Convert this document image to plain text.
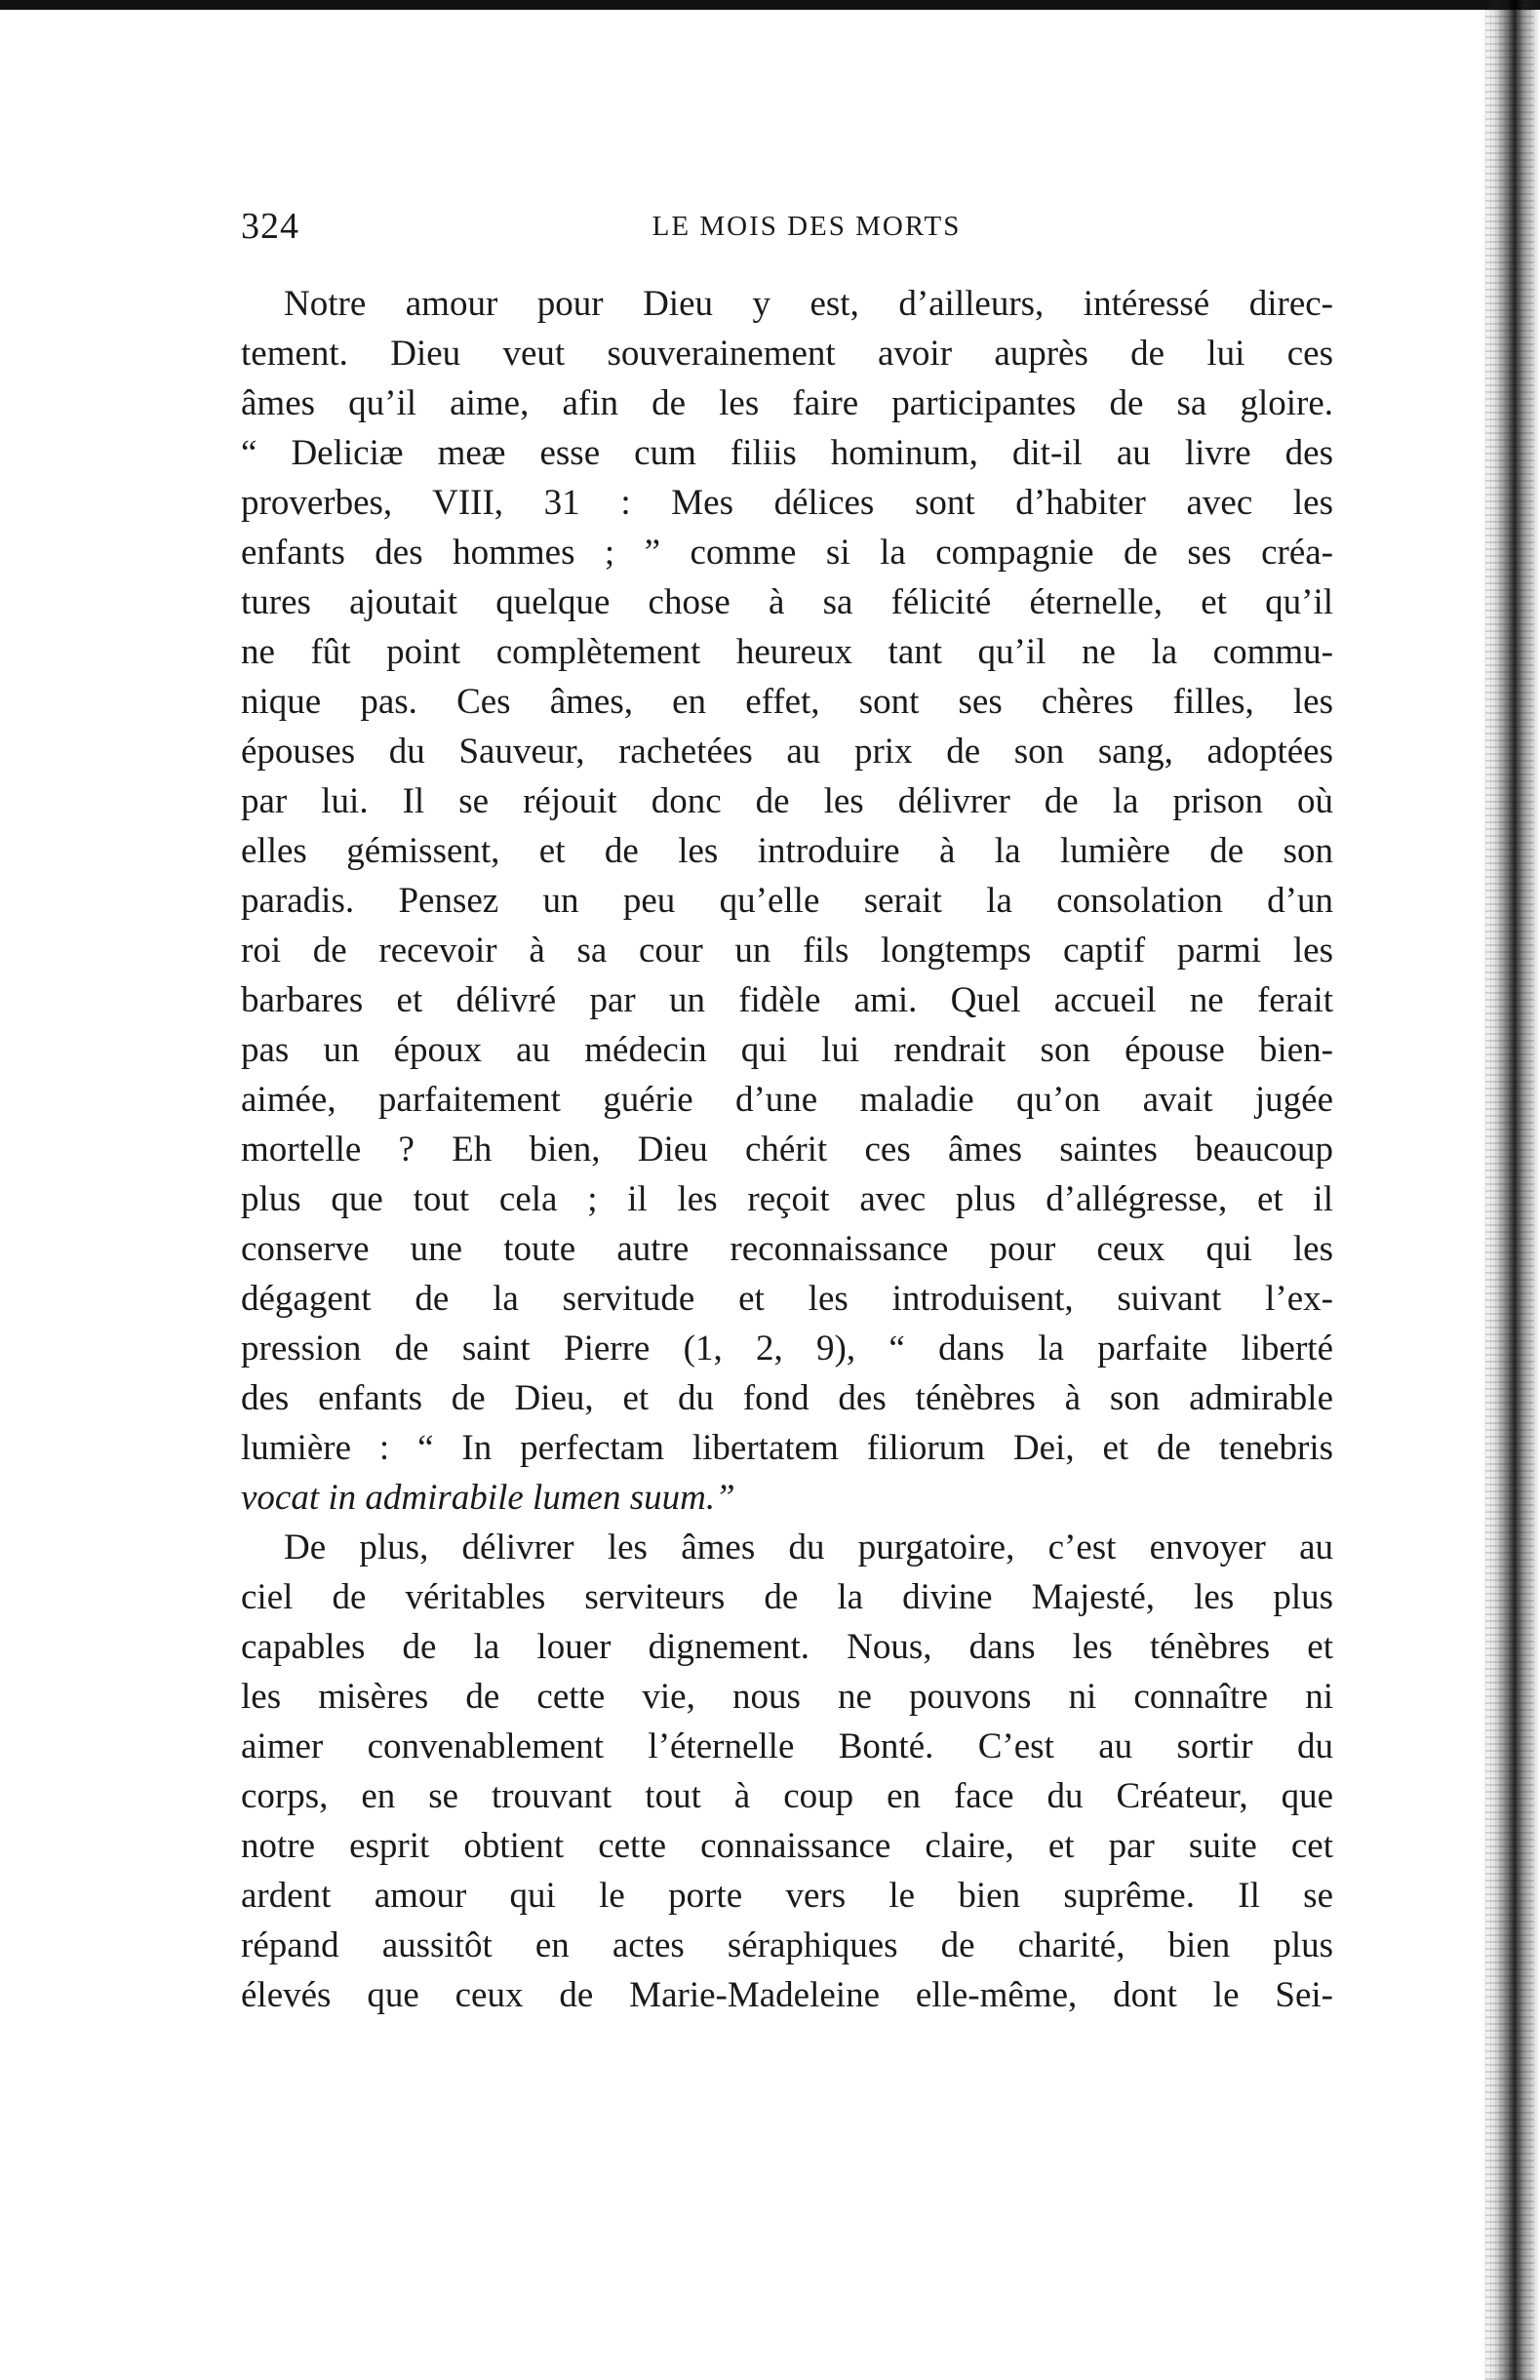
324	LE MOIS DES MORTS
Notre amour pour Dieu y est, d’ailleurs, intéressé direc-
tement. Dieu veut souverainement avoir auprès de lui ces
âmes qu’il aime, afin de les faire participantes de sa gloire.
“ Deliciæ meæ esse cum filiis hominum, dit-il au livre des
proverbes, VIII, 31 : Mes délices sont d’habiter avec les
enfants des hommes ; ” comme si la compagnie de ses créa-
tures ajoutait quelque chose à sa félicité éternelle, et qu’il
ne fût point complètement heureux tant qu’il ne la commu-
nique pas. Ces âmes, en effet, sont ses chères filles, les
épouses du Sauveur, rachetées au prix de son sang, adoptées
par lui. Il se réjouit donc de les délivrer de la prison où
elles gémissent, et de les introduire à la lumière de son
paradis. Pensez un peu qu’elle serait la consolation d’un
roi de recevoir à sa cour un fils longtemps captif parmi les
barbares et délivré par un fidèle ami. Quel accueil ne ferait
pas un époux au médecin qui lui rendrait son épouse bien-
aimée, parfaitement guérie d’une maladie qu’on avait jugée
mortelle ? Eh bien, Dieu chérit ces âmes saintes beaucoup
plus que tout cela ; il les reçoit avec plus d’allégresse, et il
conserve une toute autre reconnaissance pour ceux qui les
dégagent de la servitude et les introduisent, suivant l’ex-
pression de saint Pierre (1, 2, 9), “ dans la parfaite liberté
des enfants de Dieu, et du fond des ténèbres à son admirable
lumière : “ In perfectam libertatem filiorum Dei, et de tenebris
vocat in admirabile lumen suum.”
De plus, délivrer les âmes du purgatoire, c’est envoyer au
ciel de véritables serviteurs de la divine Majesté, les plus
capables de la louer dignement. Nous, dans les ténèbres et
les misères de cette vie, nous ne pouvons ni connaître ni
aimer convenablement l’éternelle Bonté. C’est au sortir du
corps, en se trouvant tout à coup en face du Créateur, que
notre esprit obtient cette connaissance claire, et par suite cet
ardent amour qui le porte vers le bien suprême. Il se
répand aussitôt en actes séraphiques de charité, bien plus
élevés que ceux de Marie-Madeleine elle-même, dont le Sei-
